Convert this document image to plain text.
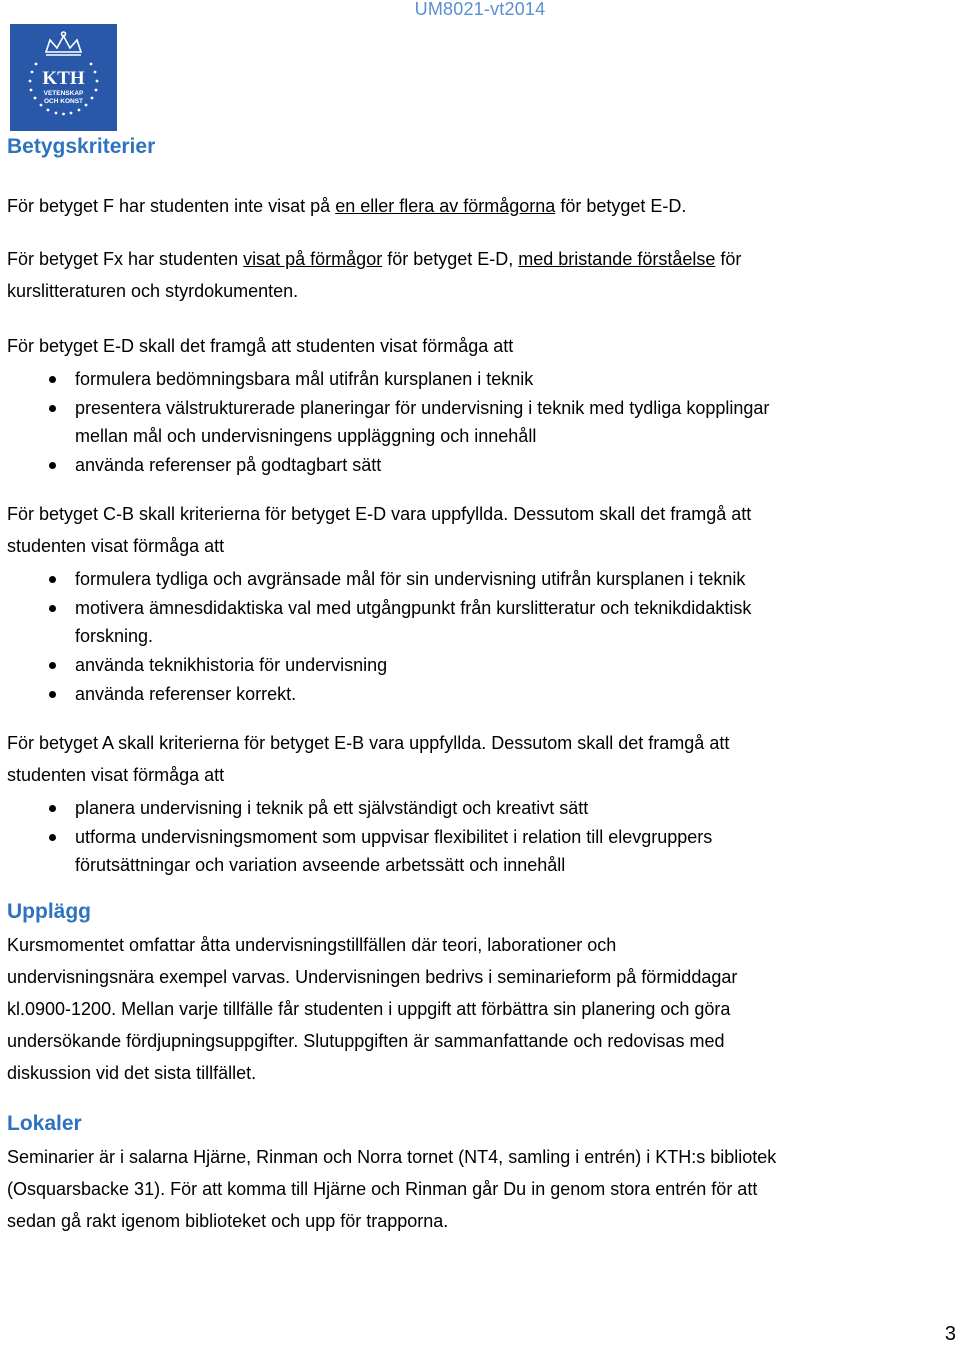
UM8021-vt2014
KTH
VETENSKAP
OCH KONST
Betygskriterier

För betyget F har studenten inte visat på en eller flera av förmågorna för betyget E-D.

För betyget Fx har studenten visat på förmågor för betyget E-D, med bristande förståelse för
kurslitteraturen och styrdokumenten.

För betyget E-D skall det framgå att studenten visat förmåga att

formulera bedömningsbara mål utifrån kursplanen i teknik
presentera välstrukturerade planeringar för undervisning i teknik med tydliga kopplingar
mellan mål och undervisningens uppläggning och innehåll
använda referenser på godtagbart sätt

För betyget C-B skall kriterierna för betyget E-D vara uppfyllda. Dessutom skall det framgå att
studenten visat förmåga att

formulera tydliga och avgränsade mål för sin undervisning utifrån kursplanen i teknik
motivera ämnesdidaktiska val med utgångpunkt från kurslitteratur och teknikdidaktisk
forskning.
använda teknikhistoria för undervisning
använda referenser korrekt.

För betyget A skall kriterierna för betyget E-B vara uppfyllda. Dessutom skall det framgå att
studenten visat förmåga att

planera undervisning i teknik på ett självständigt och kreativt sätt
utforma undervisningsmoment som uppvisar flexibilitet i relation till elevgruppers
förutsättningar och variation avseende arbetssätt och innehåll
Upplägg

Kursmomentet omfattar åtta undervisningstillfällen där teori, laborationer och
undervisningsnära exempel varvas. Undervisningen bedrivs i seminarieform på förmiddagar
kl.0900-1200. Mellan varje tillfälle får studenten i uppgift att förbättra sin planering och göra
undersökande fördjupningsuppgifter. Slutuppgiften är sammanfattande och redovisas med
diskussion vid det sista tillfället.

Lokaler

Seminarier är i salarna Hjärne, Rinman och Norra tornet (NT4, samling i entrén) i KTH:s bibliotek
(Osquarsbacke 31). För att komma till Hjärne och Rinman går Du in genom stora entrén för att
sedan gå rakt igenom biblioteket och upp för trapporna.

3
